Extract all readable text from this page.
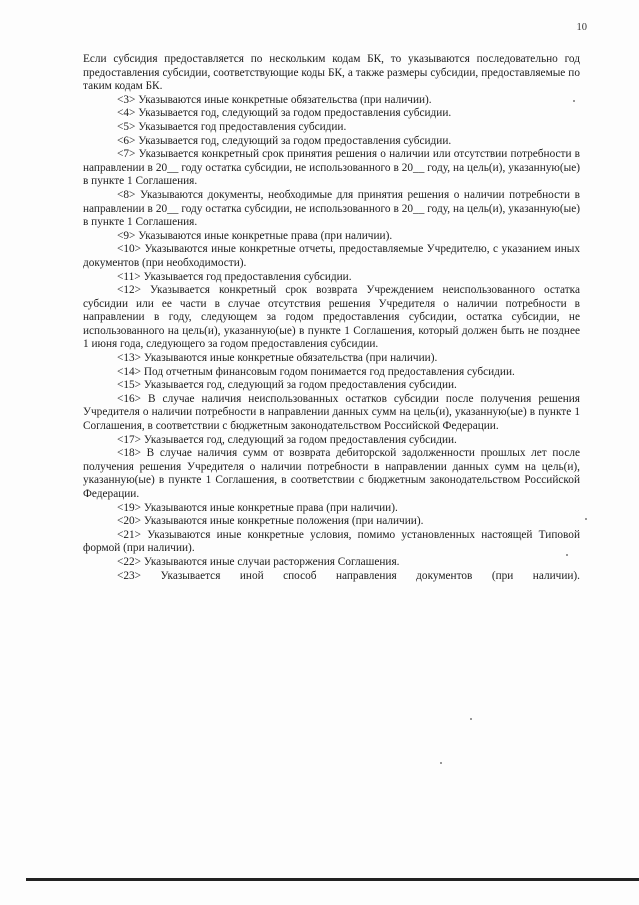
10

Если субсидия предоставляется по нескольким кодам БК, то указываются последовательно год предоставления субсидии, соответствующие коды БК, а также размеры субсидии, предоставляемые по таким кодам БК.

<3> Указываются иные конкретные обязательства (при наличии).

<4> Указывается год, следующий за годом предоставления субсидии.

<5> Указывается год предоставления субсидии.

<6> Указывается год, следующий за годом предоставления субсидии.

<7> Указывается конкретный срок принятия решения о наличии или отсутствии потребности в направлении в 20__ году остатка субсидии, не использованного в 20__ году, на цель(и), указанную(ые) в пункте 1 Соглашения.

<8> Указываются документы, необходимые для принятия решения о наличии потребности в направлении в 20__ году остатка субсидии, не использованного в 20__ году, на цель(и), указанную(ые) в пункте 1 Соглашения.

<9> Указываются иные конкретные права (при наличии).

<10> Указываются иные конкретные отчеты, предоставляемые Учредителю, с указанием иных документов (при необходимости).

<11> Указывается год предоставления субсидии.

<12> Указывается конкретный срок возврата Учреждением неиспользованного остатка субсидии или ее части в случае отсутствия решения Учредителя о наличии потребности в направлении в году, следующем за годом предоставления субсидии, остатка субсидии, не использованного на цель(и), указанную(ые) в пункте 1 Соглашения, который должен быть не позднее 1 июня года, следующего за годом предоставления субсидии.

<13> Указываются иные конкретные обязательства (при наличии).

<14> Под отчетным финансовым годом понимается год предоставления субсидии.

<15> Указывается год, следующий за годом предоставления субсидии.

<16> В случае наличия неиспользованных остатков субсидии после получения решения Учредителя о наличии потребности в направлении данных сумм на цель(и), указанную(ые) в пункте 1 Соглашения, в соответствии с бюджетным законодательством Российской Федерации.

<17> Указывается год, следующий за годом предоставления субсидии.

<18> В случае наличия сумм от возврата дебиторской задолженности прошлых лет после получения решения Учредителя о наличии потребности в направлении данных сумм на цель(и), указанную(ые) в пункте 1 Соглашения, в соответствии с бюджетным законодательством Российской Федерации.

<19> Указываются иные конкретные права (при наличии).

<20> Указываются иные конкретные положения (при наличии).

<21> Указываются иные конкретные условия, помимо установленных настоящей Типовой формой (при наличии).

<22> Указываются иные случаи расторжения Соглашения.

<23> Указывается иной способ направления документов (при наличии).
